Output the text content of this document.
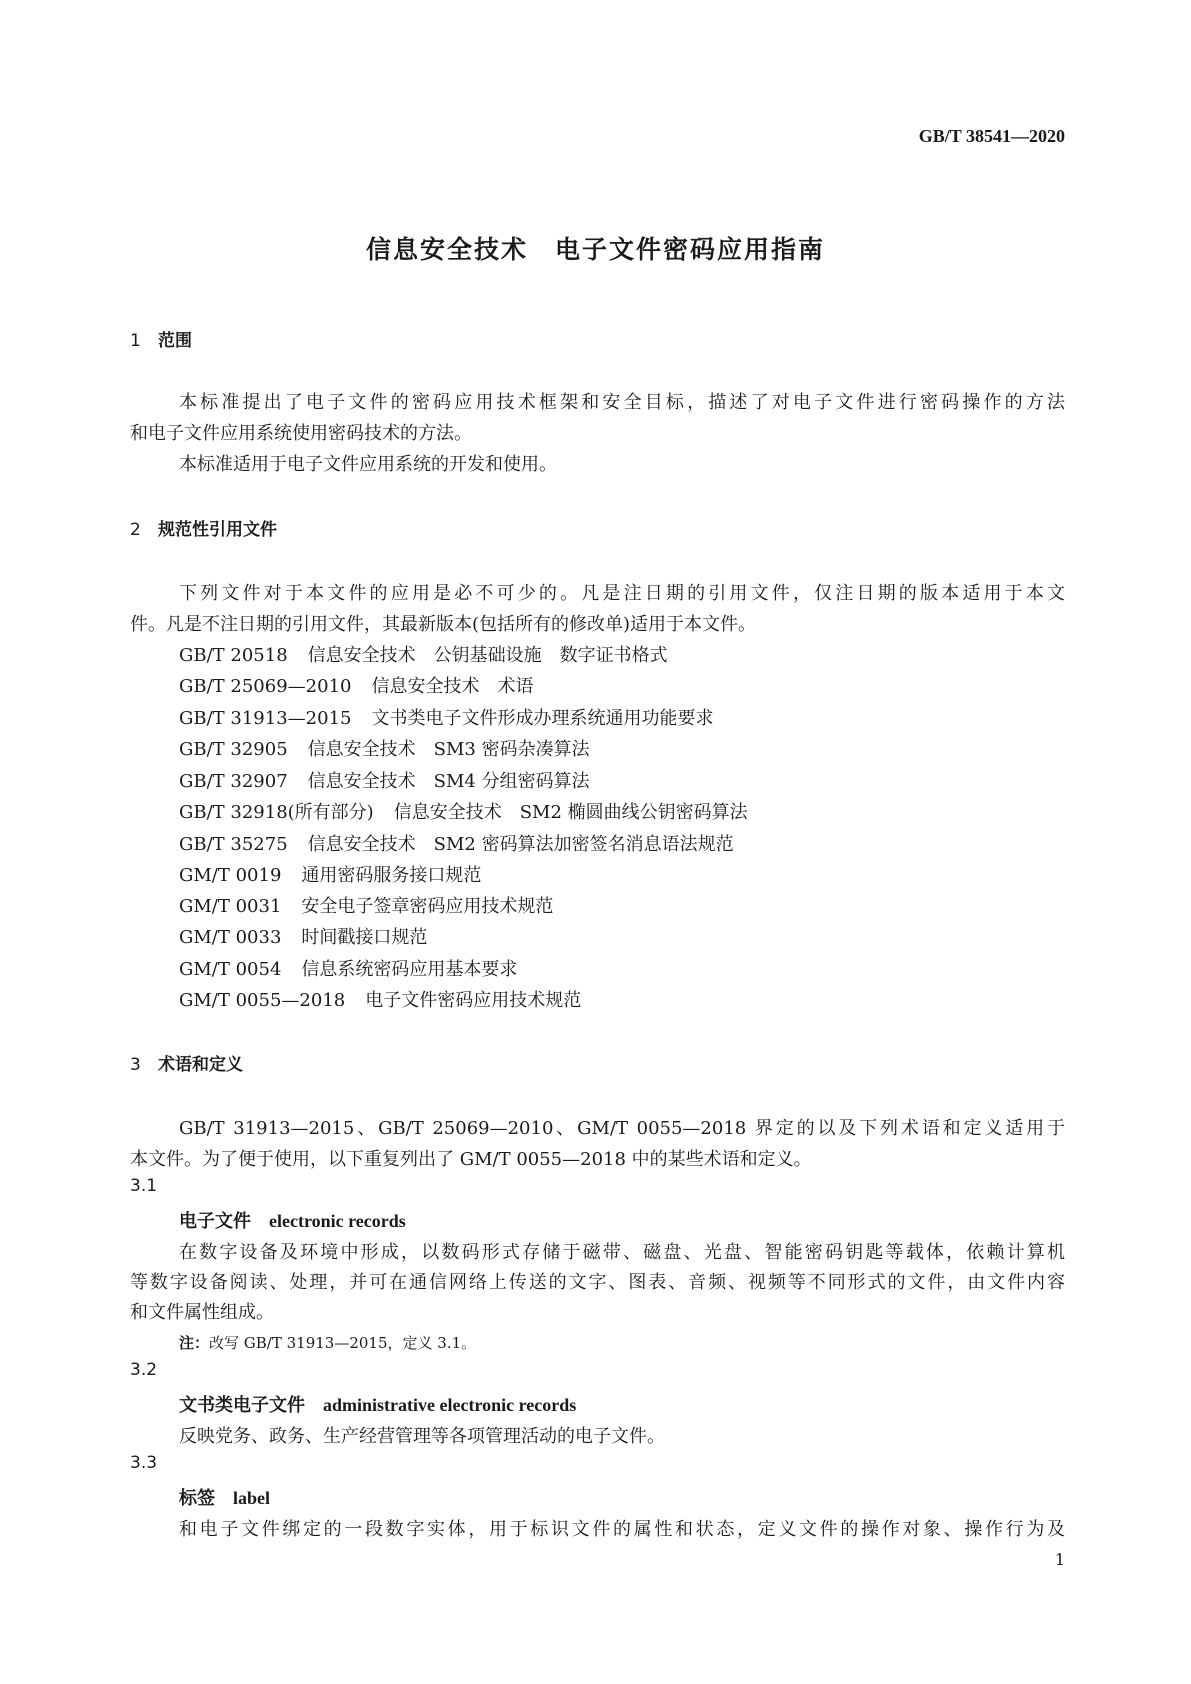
GB/T 38541—2020
信息安全技术　电子文件密码应用指南
1 范围
本标准提出了电子文件的密码应用技术框架和安全目标，描述了对电子文件进行密码操作的方法
和电子文件应用系统使用密码技术的方法。
本标准适用于电子文件应用系统的开发和使用。
2 规范性引用文件
下列文件对于本文件的应用是必不可少的。凡是注日期的引用文件，仅注日期的版本适用于本文
件。凡是不注日期的引用文件，其最新版本(包括所有的修改单)适用于本文件。
GB/T 20518 信息安全技术　公钥基础设施　数字证书格式
GB/T 25069—2010 信息安全技术　术语
GB/T 31913—2015 文书类电子文件形成办理系统通用功能要求
GB/T 32905 信息安全技术　SM3 密码杂凑算法
GB/T 32907 信息安全技术　SM4 分组密码算法
GB/T 32918(所有部分) 信息安全技术　SM2 椭圆曲线公钥密码算法
GB/T 35275 信息安全技术　SM2 密码算法加密签名消息语法规范
GM/T 0019 通用密码服务接口规范
GM/T 0031 安全电子签章密码应用技术规范
GM/T 0033 时间戳接口规范
GM/T 0054 信息系统密码应用基本要求
GM/T 0055—2018 电子文件密码应用技术规范
3 术语和定义
GB/T 31913—2015、GB/T 25069—2010、GM/T 0055—2018 界定的以及下列术语和定义适用于
本文件。为了便于使用，以下重复列出了 GM/T 0055—2018 中的某些术语和定义。
3.1
电子文件 electronic records
在数字设备及环境中形成，以数码形式存储于磁带、磁盘、光盘、智能密码钥匙等载体，依赖计算机
等数字设备阅读、处理，并可在通信网络上传送的文字、图表、音频、视频等不同形式的文件，由文件内容
和文件属性组成。
注：改写 GB/T 31913—2015，定义 3.1。
3.2
文书类电子文件 administrative electronic records
反映党务、政务、生产经营管理等各项管理活动的电子文件。
3.3
标签 label
和电子文件绑定的一段数字实体，用于标识文件的属性和状态，定义文件的操作对象、操作行为及
1
